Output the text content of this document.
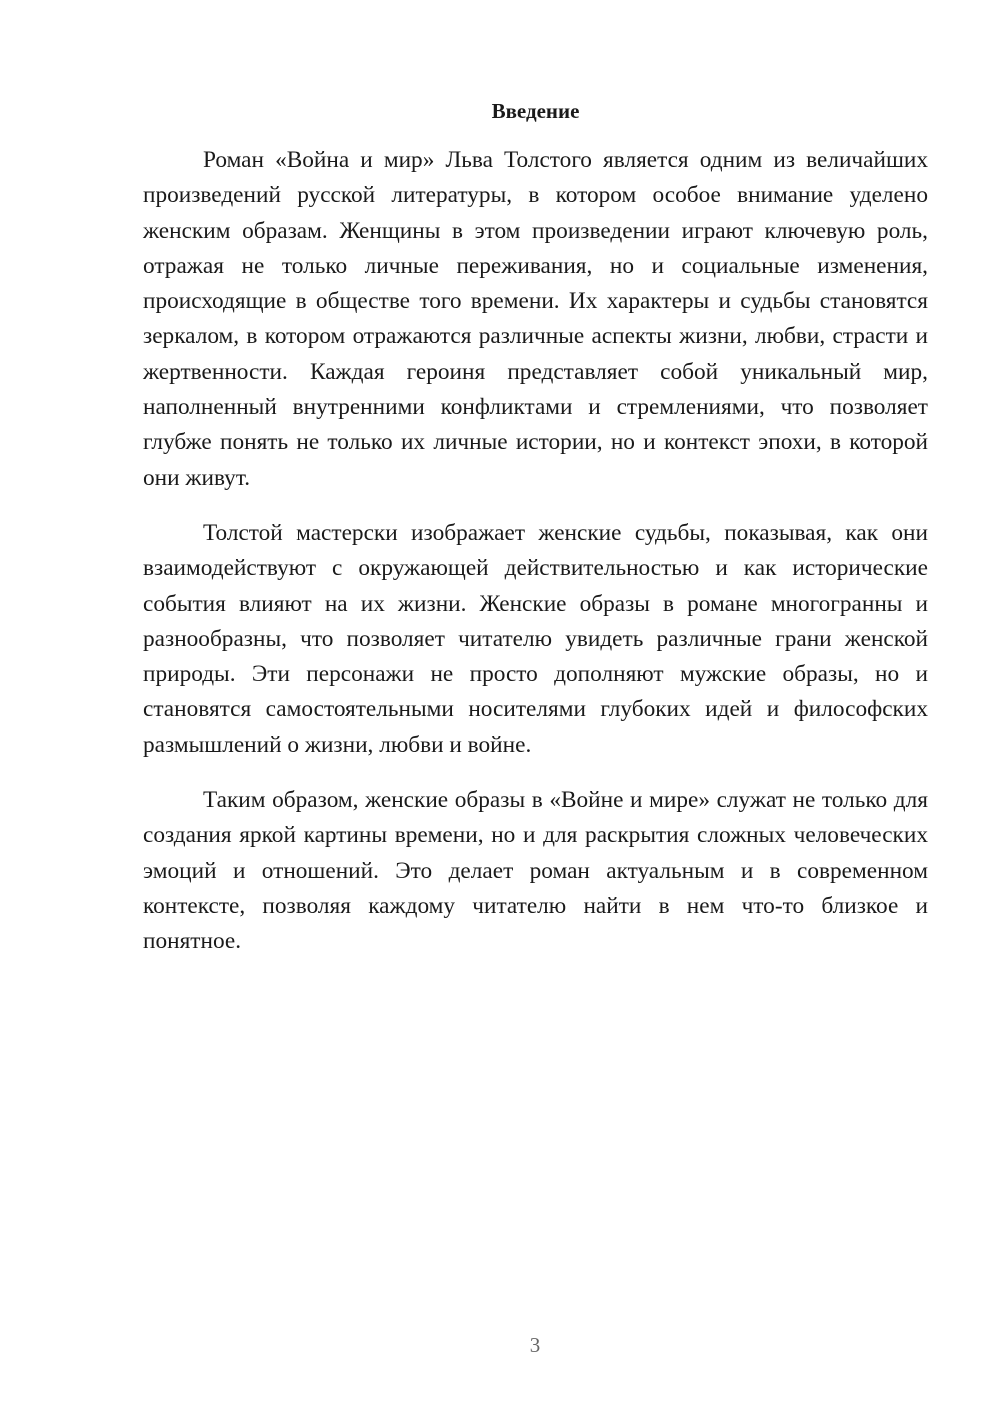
Введение

Роман «Война и мир» Льва Толстого является одним из величайших произведений русской литературы, в котором особое внимание уделено женским образам. Женщины в этом произведении играют ключевую роль, отражая не только личные переживания, но и социальные изменения, происходящие в обществе того времени. Их характеры и судьбы становятся зеркалом, в котором отражаются различные аспекты жизни, любви, страсти и жертвенности. Каждая героиня представляет собой уникальный мир, наполненный внутренними конфликтами и стремлениями, что позволяет глубже понять не только их личные истории, но и контекст эпохи, в которой они живут.

Толстой мастерски изображает женские судьбы, показывая, как они взаимодействуют с окружающей действительностью и как исторические события влияют на их жизни. Женские образы в романе многогранны и разнообразны, что позволяет читателю увидеть различные грани женской природы. Эти персонажи не просто дополняют мужские образы, но и становятся самостоятельными носителями глубоких идей и философских размышлений о жизни, любви и войне.

Таким образом, женские образы в «Войне и мире» служат не только для создания яркой картины времени, но и для раскрытия сложных человеческих эмоций и отношений. Это делает роман актуальным и в современном контексте, позволяя каждому читателю найти в нем что-то близкое и понятное.

3
